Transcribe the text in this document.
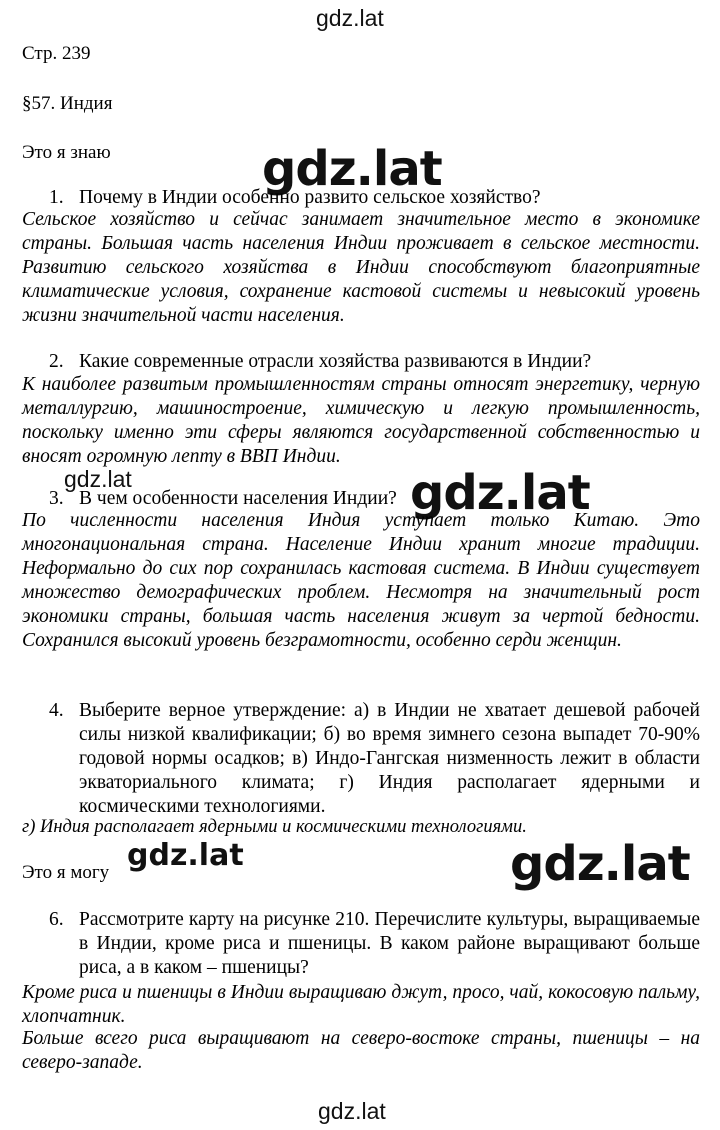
gdz.lat
gdz.lat
gdz.lat	gdz.lat
gdz.lat	gdz.lat
gdz.lat
Стр. 239
§57. Индия
Это я знаю
1. Почему в Индии особенно развито сельское хозяйство?
Сельское хозяйство и сейчас занимает значительное место в экономике страны. Большая часть населения Индии проживает в сельское местности. Развитию сельского хозяйства в Индии способствуют благоприятные климатические условия, сохранение кастовой системы и невысокий уровень жизни значительной части населения.
2. Какие современные отрасли хозяйства развиваются в Индии?
К наиболее развитым промышленностям страны относят энергетику, черную металлургию, машиностроение, химическую и легкую промышленность, поскольку именно эти сферы являются государственной собственностью и вносят огромную лепту в ВВП Индии.
3. В чем особенности населения Индии?
По численности населения Индия уступает только Китаю. Это многонациональная страна. Население Индии хранит многие традиции. Неформально до сих пор сохранилась кастовая система. В Индии существует множество демографических проблем. Несмотря на значительный рост экономики страны, большая часть населения живут за чертой бедности. Сохранился высокий уровень безграмотности, особенно серди женщин.
4. Выберите верное утверждение: а) в Индии не хватает дешевой рабочей силы низкой квалификации; б) во время зимнего сезона выпадет 70-90% годовой нормы осадков; в) Индо-Гангская низменность лежит в области экваториального климата; г) Индия располагает ядерными и космическими технологиями.
г) Индия располагает ядерными и космическими технологиями.
Это я могу
6. Рассмотрите карту на рисунке 210. Перечислите культуры, выращиваемые в Индии, кроме риса и пшеницы. В каком районе выращивают больше риса, а в каком – пшеницы?
Кроме риса и пшеницы в Индии выращиваю джут, просо, чай, кокосовую пальму, хлопчатник.
Больше всего риса выращивают на северо-востоке страны, пшеницы – на северо-западе.
